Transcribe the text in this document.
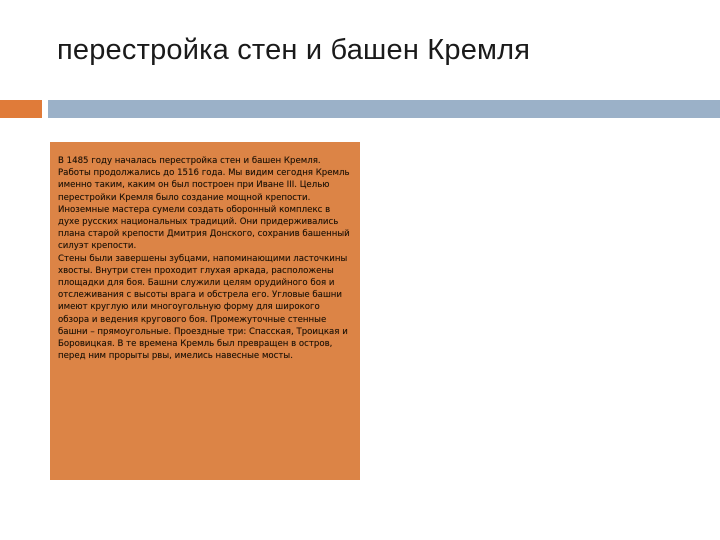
перестройка стен и башен Кремля

В 1485 году началась перестройка стен и башен Кремля. Работы продолжались до 1516 года. Мы видим сегодня Кремль именно таким, каким он был построен при Иване III. Целью перестройки Кремля было создание мощной крепости. Иноземные мастера сумели создать оборонный комплекс в духе русских национальных традиций. Они придерживались плана старой крепости Дмитрия Донского, сохранив башенный силуэт крепости.

Стены были завершены зубцами, напоминающими ласточкины хвосты. Внутри стен проходит глухая аркада, расположены площадки для боя. Башни служили целям орудийного боя и отслеживания с высоты врага и обстрела его. Угловые башни имеют круглую или многоугольную форму для широкого обзора и ведения кругового боя. Промежуточные стенные башни – прямоугольные. Проездные три: Спасская, Троицкая и Боровицкая. В те времена Кремль был превращен в остров, перед ним прорыты рвы, имелись навесные мосты.
